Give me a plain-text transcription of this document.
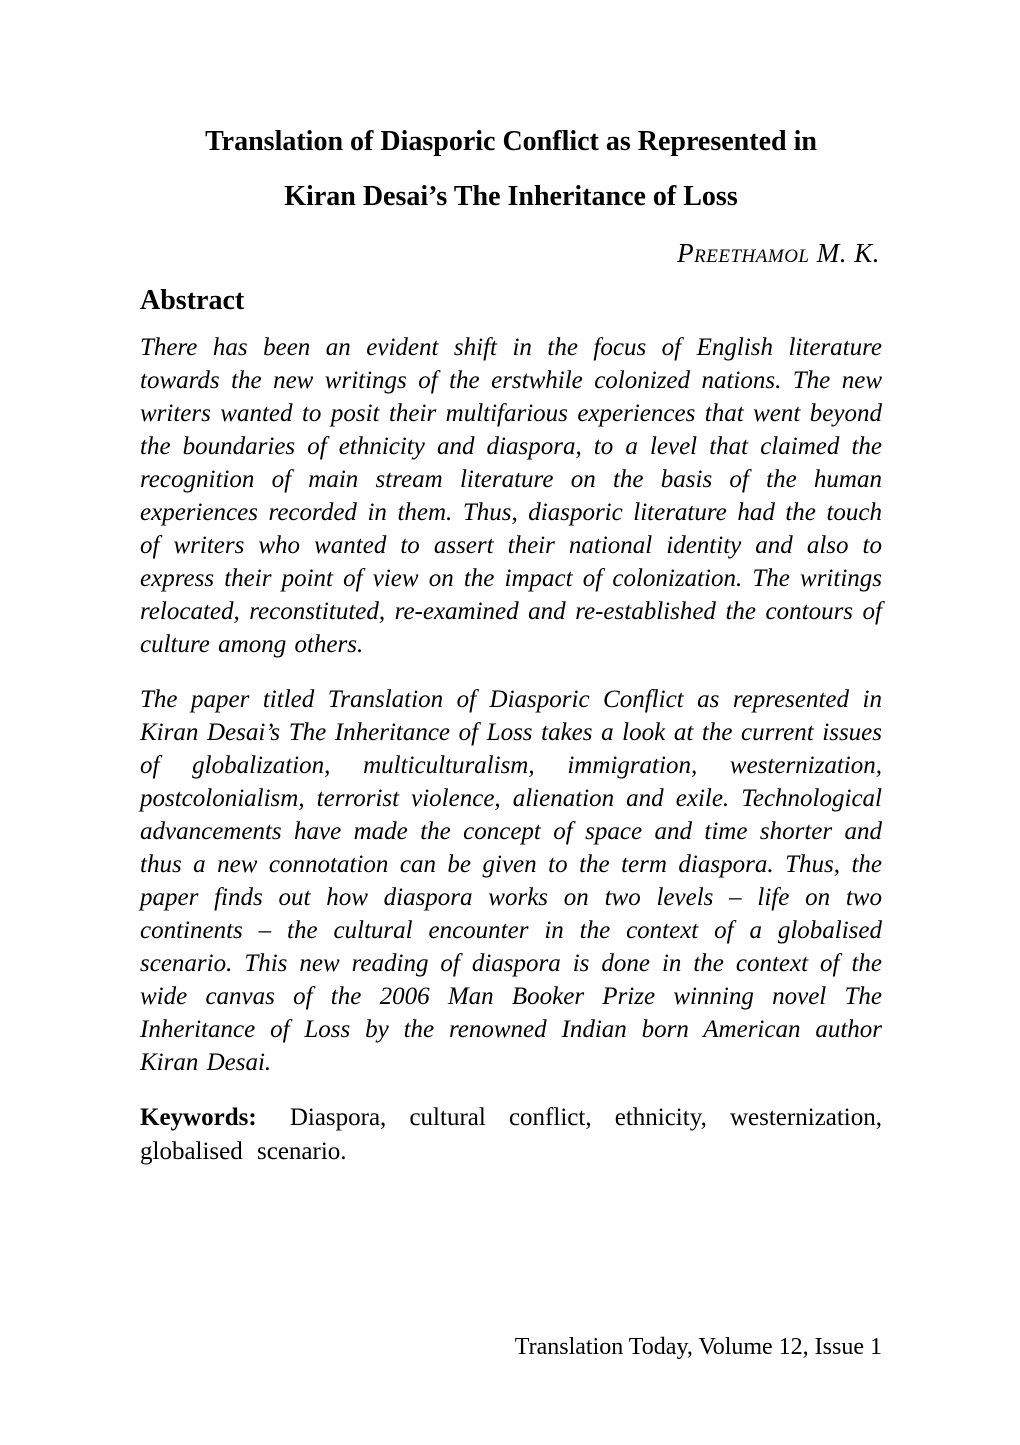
Translation of Diasporic Conflict as Represented in
Kiran Desai’s The Inheritance of Loss

Preethamol M. K.

Abstract

There has been an evident shift in the focus of English literature towards the new writings of the erstwhile colonized nations. The new writers wanted to posit their multifarious experiences that went beyond the boundaries of ethnicity and diaspora, to a level that claimed the recognition of main stream literature on the basis of the human experiences recorded in them. Thus, diasporic literature had the touch of writers who wanted to assert their national identity and also to express their point of view on the impact of colonization. The writings relocated, reconstituted, re-examined and re-established the contours of culture among others.

The paper titled Translation of Diasporic Conflict as represented in Kiran Desai’s The Inheritance of Loss takes a look at the current issues of globalization, multiculturalism, immigration, westernization, postcolonialism, terrorist violence, alienation and exile. Technological advancements have made the concept of space and time shorter and thus a new connotation can be given to the term diaspora. Thus, the paper finds out how diaspora works on two levels – life on two continents – the cultural encounter in the context of a globalised scenario. This new reading of diaspora is done in the context of the wide canvas of the 2006 Man Booker Prize winning novel The Inheritance of Loss by the renowned Indian born American author Kiran Desai.

Keywords: Diaspora, cultural conflict, ethnicity, westernization, globalised scenario.

Translation Today, Volume 12, Issue 1
